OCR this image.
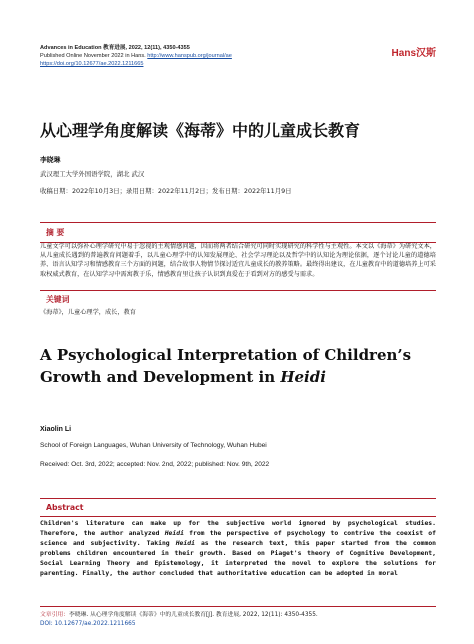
Advances in Education 教育进展, 2022, 12(11), 4350-4355
Published Online November 2022 in Hans. http://www.hanspub.org/journal/ae
https://doi.org/10.12677/ae.2022.1211665
Hans汉斯
从心理学角度解读《海蒂》中的儿童成长教育
李晓琳
武汉理工大学外国语学院，湖北 武汉
收稿日期：2022年10月3日；录用日期：2022年11月2日；发布日期：2022年11月9日
摘 要
儿童文学可以弥补心理学研究中易于忽视的主观情感问题，因而将两者结合研究可同时实现研究的科学性与主观性。本文以《海蒂》为研究文本，从儿童成长遇到的普遍教育问题着手，以儿童心理学中的认知发展理论、社会学习理论以及哲学中的认知论为理论依据，逐个讨论儿童的道德培养、语言认知学习和情感教育三个方面的问题，结合故事人物情节探讨适宜儿童成长的教养策略。最终得出建议，在儿童教育中的道德培养上可采取权威式教育，在认知学习中需寓教于乐，情感教育里让孩子认识到真爱在于看到对方的感受与需求。
关键词
《海蒂》，儿童心理学，成长，教育
A Psychological Interpretation of Children’s Growth and Development in Heidi
Xiaolin Li
School of Foreign Languages, Wuhan University of Technology, Wuhan Hubei
Received: Oct. 3rd, 2022; accepted: Nov. 2nd, 2022; published: Nov. 9th, 2022
Abstract
Children's literature can make up for the subjective world ignored by psychological studies. Therefore, the author analyzed Heidi from the perspective of psychology to contrive the coexist of science and subjectivity. Taking Heidi as the research text, this paper started from the common problems children encountered in their growth. Based on Piaget's theory of Cognitive Development, Social Learning Theory and Epistemology, it interpreted the novel to explore the solutions for parenting. Finally, the author concluded that authoritative education can be adopted in moral
文章引用：李晓琳. 从心理学角度解读《海蒂》中的儿童成长教育[J]. 教育进展, 2022, 12(11): 4350-4355.
DOI: 10.12677/ae.2022.1211665
